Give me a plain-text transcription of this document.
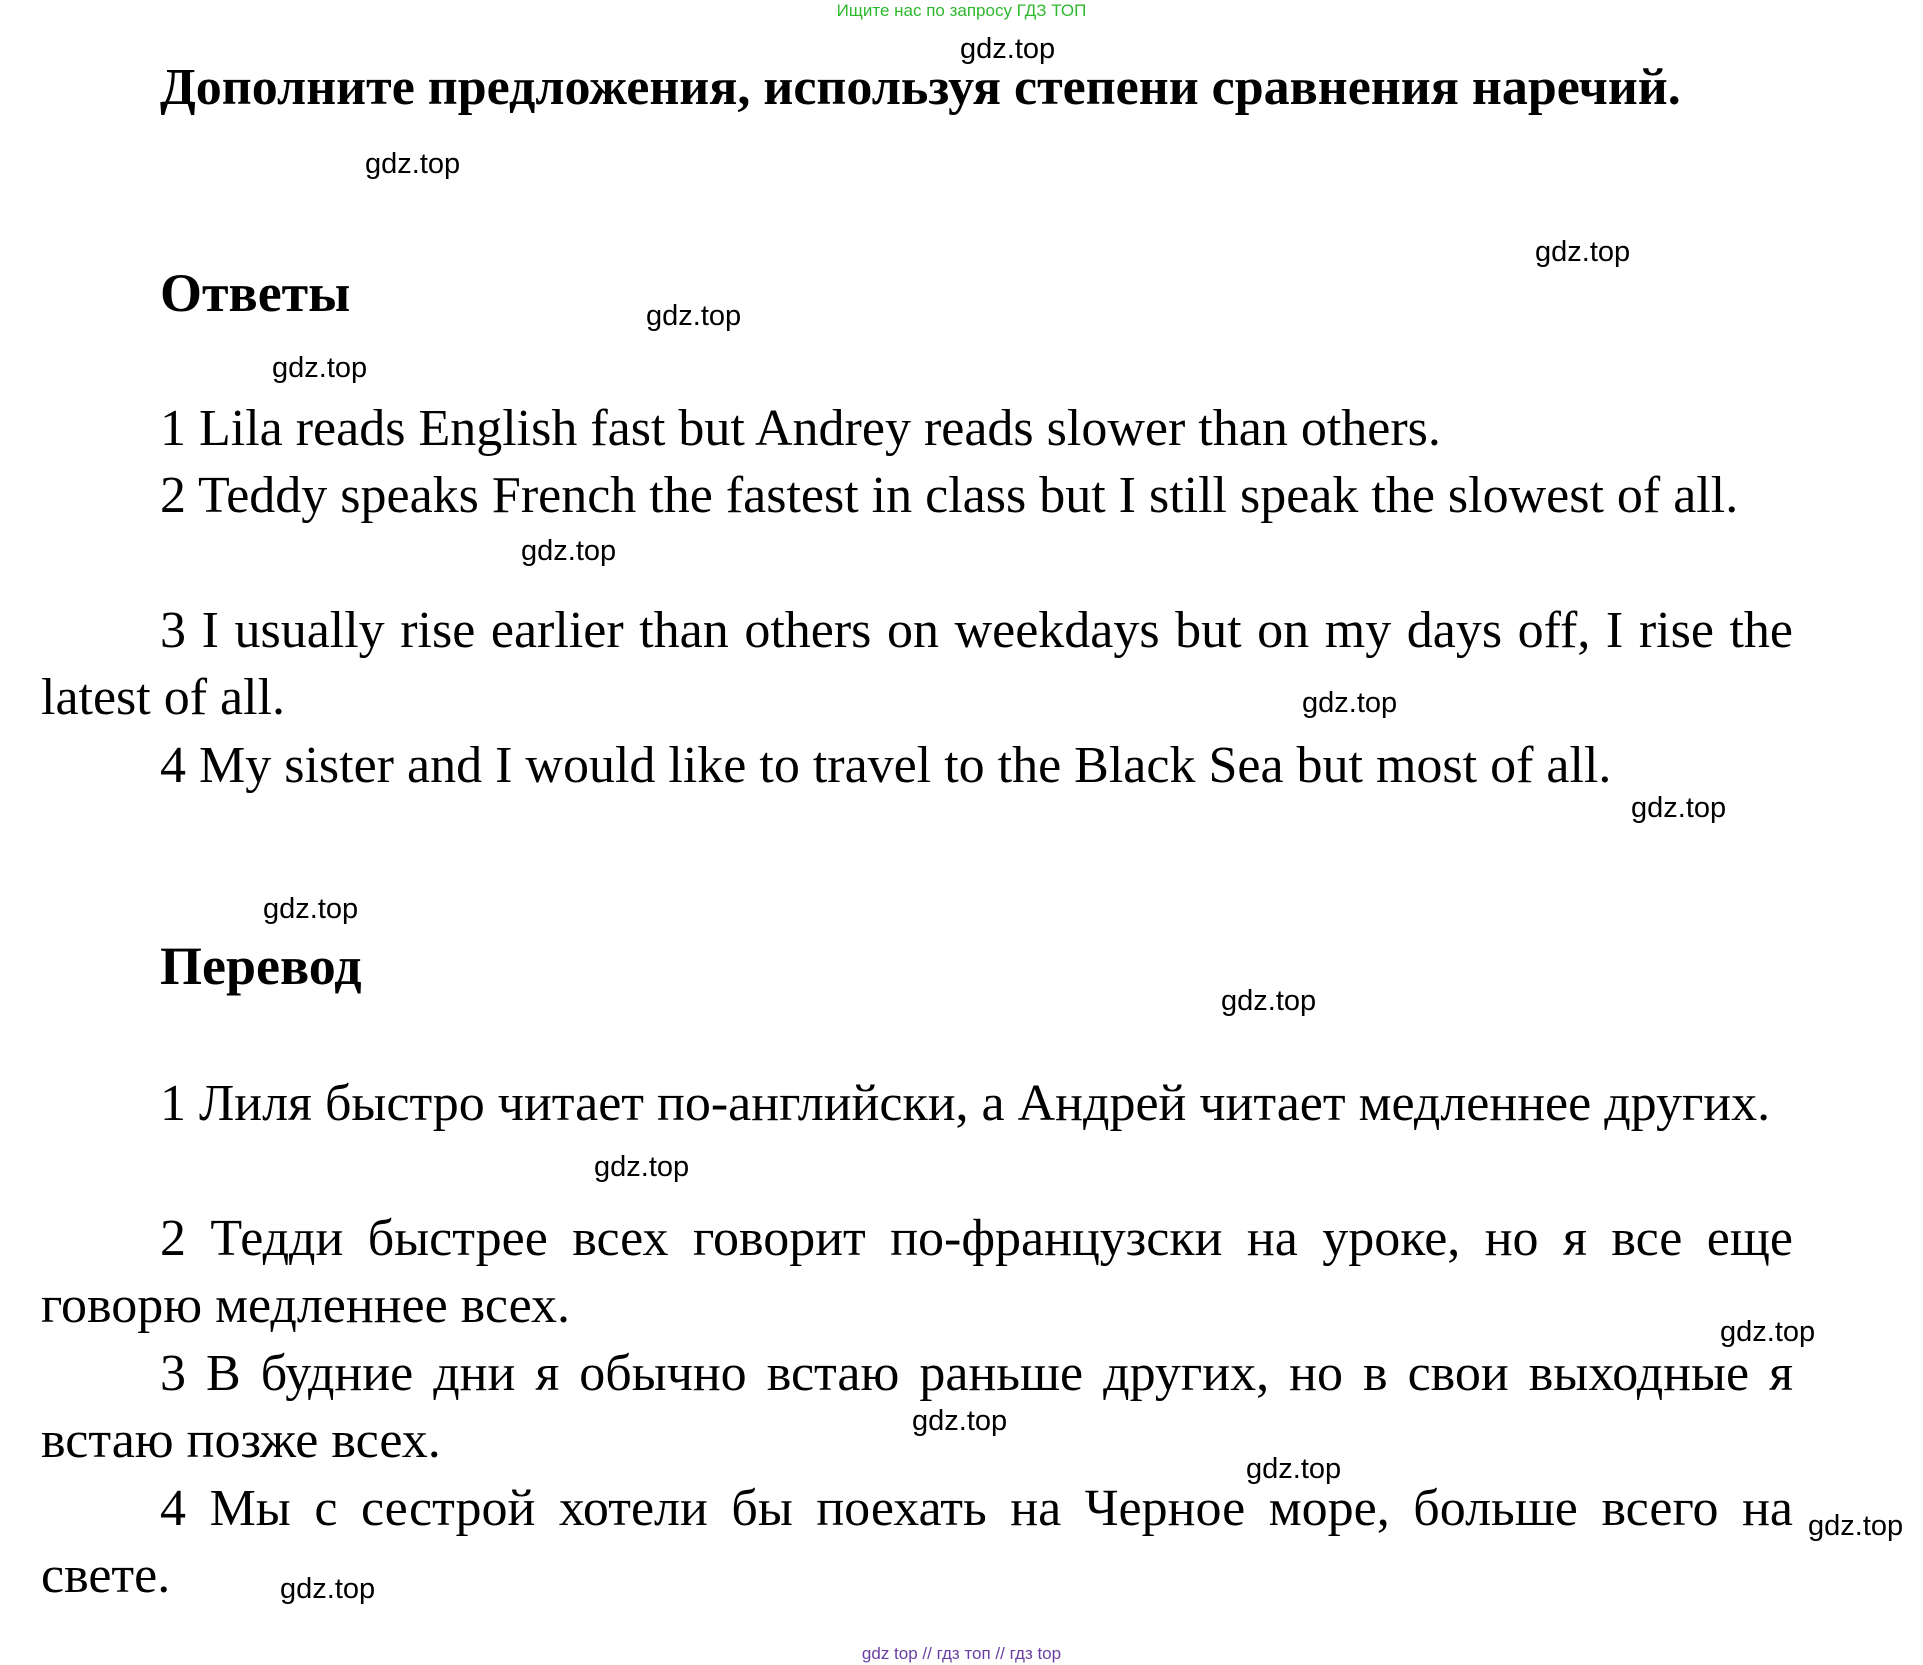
Ищите нас по запросу ГДЗ ТОП

Дополните предложения, используя степени сравнения наречий.

Ответы

1 Lila reads English fast but Andrey reads slower than others.

2 Teddy speaks French the fastest in class but I still speak the slowest of all.

3 I usually rise earlier than others on weekdays but on my days off, I rise the latest of all.

4 My sister and I would like to travel to the Black Sea but most of all.

Перевод

1 Лиля быстро читает по-английски, а Андрей читает медленнее других.

2 Тедди быстрее всех говорит по-французски на уроке, но я все еще говорю медленнее всех.

3 В будние дни я обычно встаю раньше других, но в свои выходные я встаю позже всех.

4 Мы с сестрой хотели бы поехать на Черное море, больше всего на свете.

gdz.top
gdz.top
gdz.top
gdz.top
gdz.top
gdz.top
gdz.top
gdz.top
gdz.top
gdz.top
gdz.top
gdz.top
gdz.top
gdz.top
gdz.top
gdz.top
gdz top // гдз топ // гдз top
